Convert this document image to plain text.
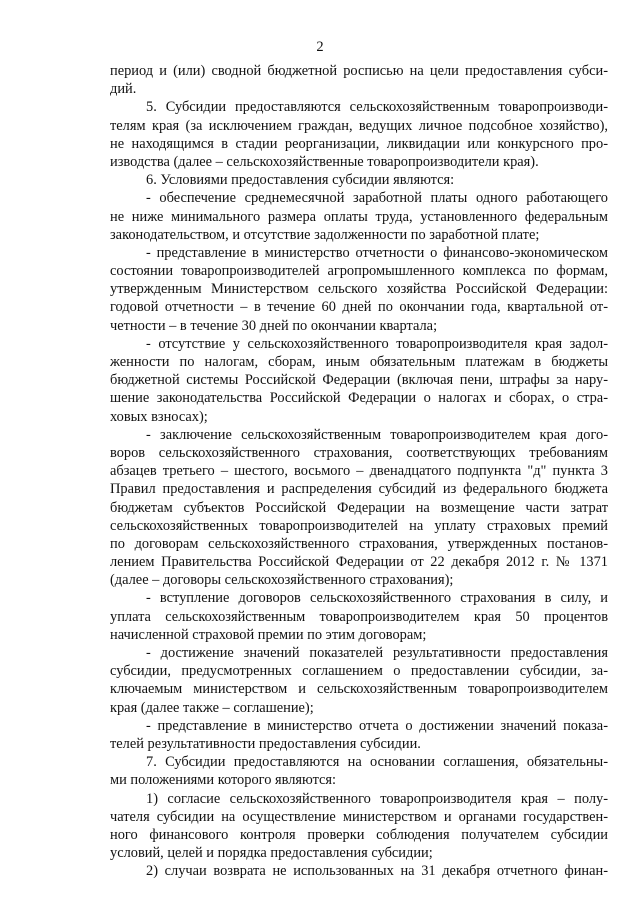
2
период и (или) сводной бюджетной росписью на цели предоставления субси-
дий.
5. Субсидии предоставляются сельскохозяйственным товаропроизводи-
телям края (за исключением граждан, ведущих личное подсобное хозяйство),
не находящимся в стадии реорганизации, ликвидации или конкурсного про-
изводства (далее – сельскохозяйственные товаропроизводители края).
6. Условиями предоставления субсидии являются:
- обеспечение среднемесячной заработной платы одного работающего
не ниже минимального размера оплаты труда, установленного федеральным
законодательством, и отсутствие задолженности по заработной плате;
- представление в министерство отчетности о финансово-экономическом
состоянии товаропроизводителей агропромышленного комплекса по формам,
утвержденным Министерством сельского хозяйства Российской Федерации:
годовой отчетности – в течение 60 дней по окончании года, квартальной от-
четности – в течение 30 дней по окончании квартала;
- отсутствие у сельскохозяйственного товаропроизводителя края задол-
женности по налогам, сборам, иным обязательным платежам в бюджеты
бюджетной системы Российской Федерации (включая пени, штрафы за нару-
шение законодательства Российской Федерации о налогах и сборах, о стра-
ховых взносах);
- заключение сельскохозяйственным товаропроизводителем края дого-
воров сельскохозяйственного страхования, соответствующих требованиям
абзацев третьего – шестого, восьмого – двенадцатого подпункта "д" пункта 3
Правил предоставления и распределения субсидий из федерального бюджета
бюджетам субъектов Российской Федерации на возмещение части затрат
сельскохозяйственных товаропроизводителей на уплату страховых премий
по договорам сельскохозяйственного страхования, утвержденных постанов-
лением Правительства Российской Федерации от 22 декабря 2012 г. № 1371
(далее – договоры сельскохозяйственного страхования);
- вступление договоров сельскохозяйственного страхования в силу, и
уплата сельскохозяйственным товаропроизводителем края 50 процентов
начисленной страховой премии по этим договорам;
- достижение значений показателей результативности предоставления
субсидии, предусмотренных соглашением о предоставлении субсидии, за-
ключаемым министерством и сельскохозяйственным товаропроизводителем
края (далее также – соглашение);
- представление в министерство отчета о достижении значений показа-
телей результативности предоставления субсидии.
7. Субсидии предоставляются на основании соглашения, обязательны-
ми положениями которого являются:
1) согласие сельскохозяйственного товаропроизводителя края – полу-
чателя субсидии на осуществление министерством и органами государствен-
ного финансового контроля проверки соблюдения получателем субсидии
условий, целей и порядка предоставления субсидии;
2) случаи возврата не использованных на 31 декабря отчетного финан-
